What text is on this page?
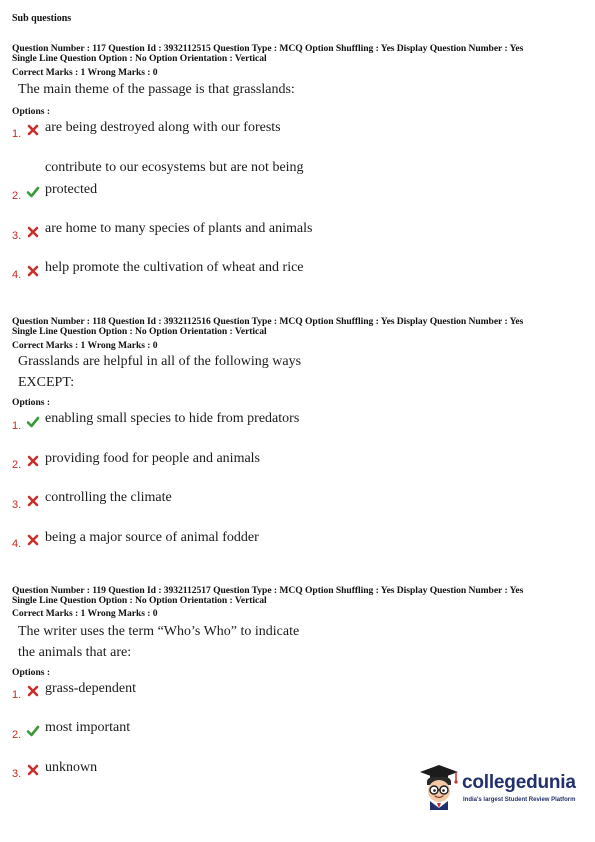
Sub questions
Question Number : 117 Question Id : 3932112515 Question Type : MCQ Option Shuffling : Yes Display Question Number : Yes
Single Line Question Option : No Option Orientation : Vertical
Correct Marks : 1 Wrong Marks : 0
The main theme of the passage is that grasslands:
Options :
1. are being destroyed along with our forests
contribute to our ecosystems but are not being
2. protected
3. are home to many species of plants and animals
4. help promote the cultivation of wheat and rice
Question Number : 118 Question Id : 3932112516 Question Type : MCQ Option Shuffling : Yes Display Question Number : Yes
Single Line Question Option : No Option Orientation : Vertical
Correct Marks : 1 Wrong Marks : 0
Grasslands are helpful in all of the following ways
EXCEPT:
Options :
1. enabling small species to hide from predators
2. providing food for people and animals
3. controlling the climate
4. being a major source of animal fodder
Question Number : 119 Question Id : 3932112517 Question Type : MCQ Option Shuffling : Yes Display Question Number : Yes
Single Line Question Option : No Option Orientation : Vertical
Correct Marks : 1 Wrong Marks : 0
The writer uses the term “Who’s Who” to indicate
the animals that are:
Options :
1. grass-dependent
2. most important
3. unknown
collegedunia
India's largest Student Review Platform
